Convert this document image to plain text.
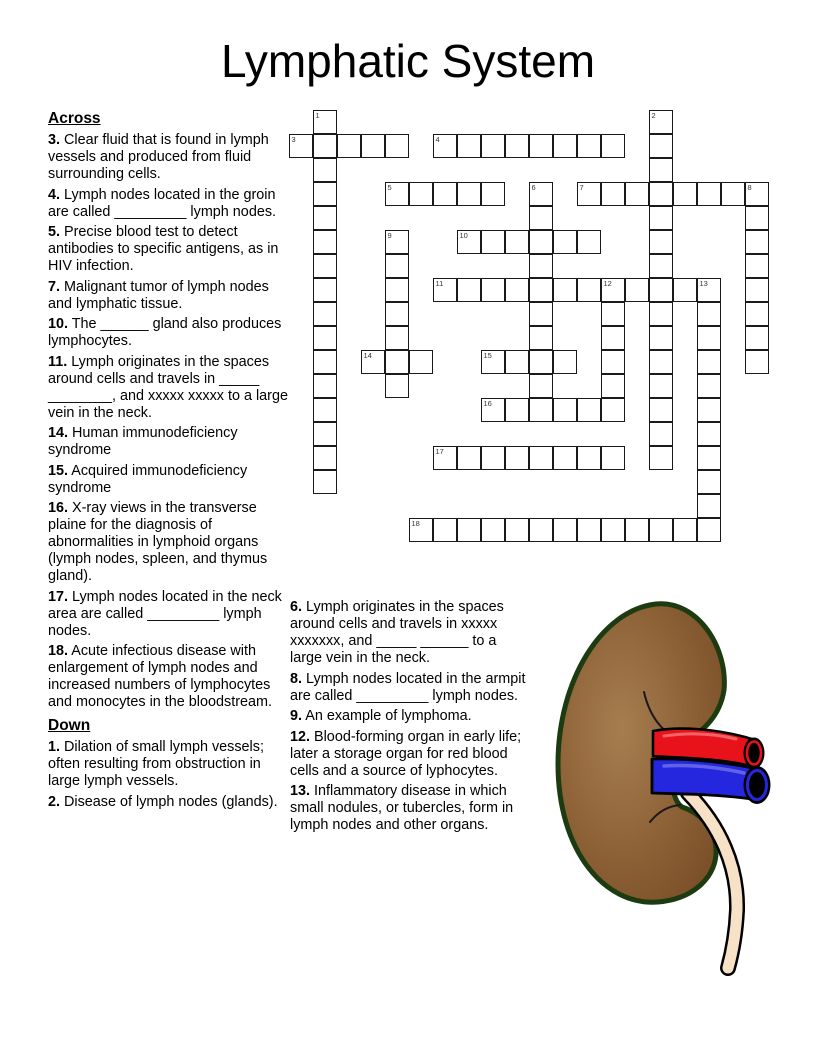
Lymphatic System

Across

3. Clear fluid that is found in lymph vessels and produced from fluid surrounding cells.

4. Lymph nodes located in the groin are called _________ lymph nodes.

5. Precise blood test to detect antibodies to specific antigens, as in HIV infection.

7. Malignant tumor of lymph nodes and lymphatic tissue.

10. The ______ gland also produces lymphocytes.

11. Lymph originates in the spaces around cells and travels in _____ ________, and xxxxx xxxxx to a large vein in the neck.

14. Human immunodeficiency syndrome

15. Acquired immunodeficiency syndrome

16. X-ray views in the transverse plaine for the diagnosis of abnormalities in lymphoid organs (lymph nodes, spleen, and thymus gland).

17. Lymph nodes located in the neck area are called _________ lymph nodes.

18. Acute infectious disease with enlargement of lymph nodes and increased numbers of lymphocytes and monocytes in the bloodstream.

Down

1. Dilation of small lymph vessels; often resulting from obstruction in large lymph vessels.

2. Disease of lymph nodes (glands).

6. Lymph originates in the spaces around cells and travels in xxxxx xxxxxxx, and _____ ______ to a large vein in the neck.

8. Lymph nodes located in the armpit are called _________ lymph nodes.

9. An example of lymphoma.

12. Blood-forming organ in early life; later a storage organ for red blood cells and a source of lyphocytes.

13. Inflammatory disease in which small nodules, or tubercles, form in lymph nodes and other organs.

1	2
3	4
5	6	7	8
9	10
11	12	13
14	15
16
17
18
